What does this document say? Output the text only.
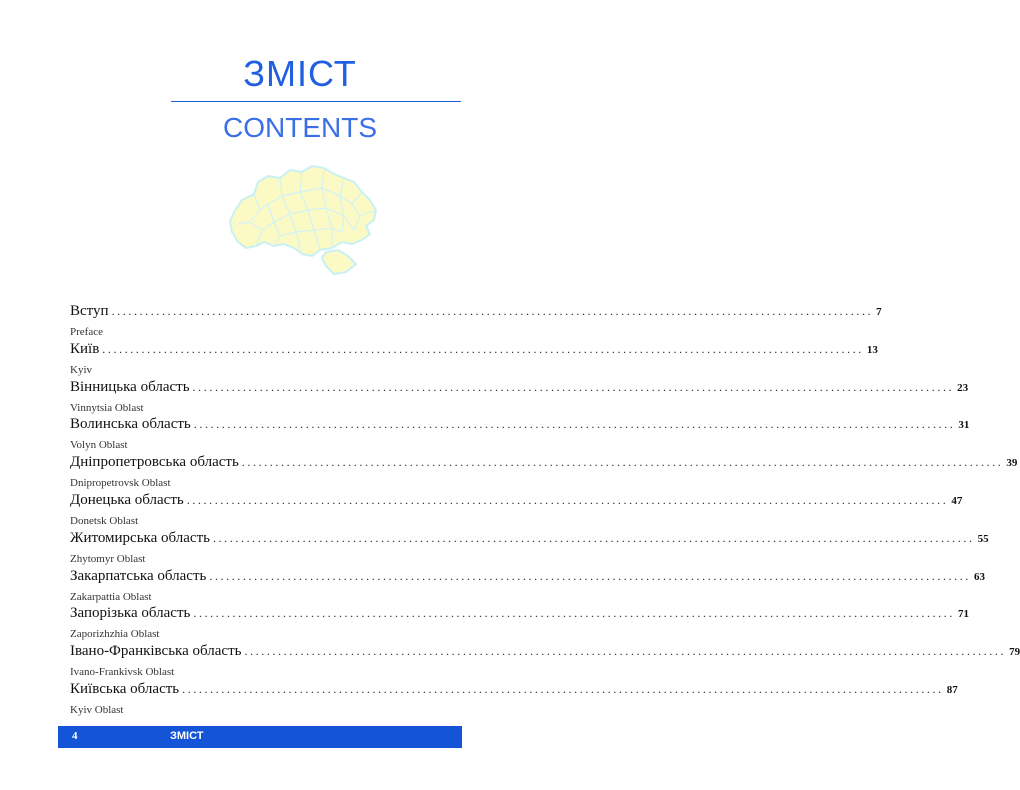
ЗМІСТ
CONTENTS
Вступ ........................................................................................................................................ 7
Preface
Київ ........................................................................................................................................ 13
Kyiv
Вінницька область ........................................................................................................................................ 23
Vinnytsia Oblast
Волинська область ........................................................................................................................................ 31
Volyn Oblast
Дніпропетровська область ........................................................................................................................................ 39
Dnipropetrovsk Oblast
Донецька область ........................................................................................................................................ 47
Donetsk Oblast
Житомирська область ........................................................................................................................................ 55
Zhytomyr Oblast
Закарпатська область ........................................................................................................................................ 63
Zakarpattia Oblast
Запорізька область ........................................................................................................................................ 71
Zaporizhzhia Oblast
Івано-Франківська область ........................................................................................................................................ 79
Ivano-Frankivsk Oblast
Київська область ........................................................................................................................................ 87
Kyiv Oblast
4	ЗМІСТ
